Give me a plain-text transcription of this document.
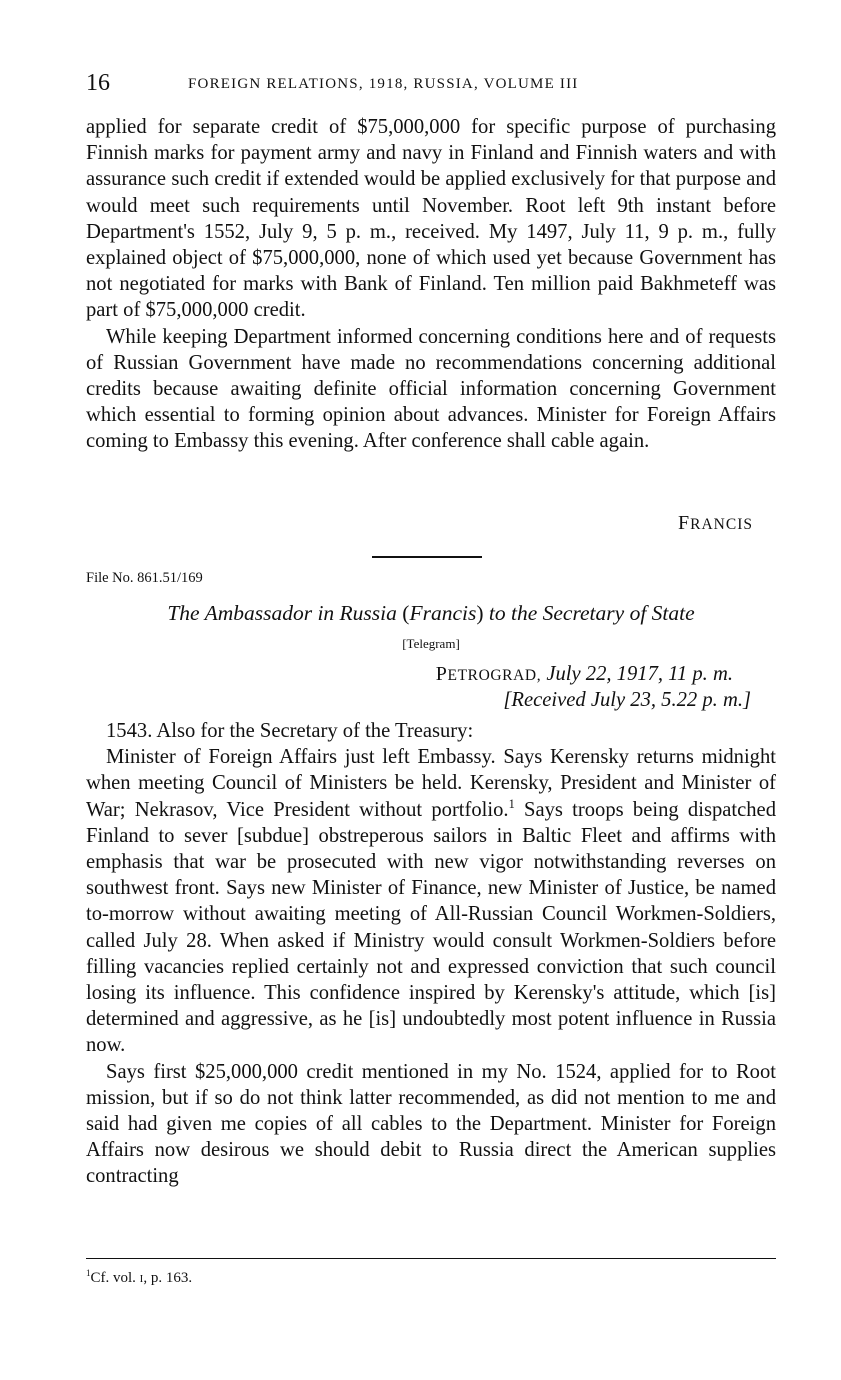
16	FOREIGN RELATIONS, 1918, RUSSIA, VOLUME III

applied for separate credit of $75,000,000 for specific purpose of purchasing Finnish marks for payment army and navy in Finland and Finnish waters and with assurance such credit if extended would be applied exclusively for that purpose and would meet such requirements until November. Root left 9th instant before Department's 1552, July 9, 5 p. m., received. My 1497, July 11, 9 p. m., fully explained object of $75,000,000, none of which used yet because Government has not negotiated for marks with Bank of Finland. Ten million paid Bakhmeteff was part of $75,000,000 credit.

While keeping Department informed concerning conditions here and of requests of Russian Government have made no recommendations concerning additional credits because awaiting definite official information concerning Government which essential to forming opinion about advances. Minister for Foreign Affairs coming to Embassy this evening. After conference shall cable again.

FRANCIS
File No. 861.51/169
The Ambassador in Russia (Francis) to the Secretary of State
[Telegram]
PETROGRAD, July 22, 1917, 11 p. m.
[Received July 23, 5.22 p. m.]

1543. Also for the Secretary of the Treasury:

Minister of Foreign Affairs just left Embassy. Says Kerensky returns midnight when meeting Council of Ministers be held. Kerensky, President and Minister of War; Nekrasov, Vice President without portfolio.$^1$ Says troops being dispatched Finland to sever [subdue] obstreperous sailors in Baltic Fleet and affirms with emphasis that war be prosecuted with new vigor notwithstanding reverses on southwest front. Says new Minister of Finance, new Minister of Justice, be named to-morrow without awaiting meeting of All-Russian Council Workmen-Soldiers, called July 28. When asked if Ministry would consult Workmen-Soldiers before filling vacancies replied certainly not and expressed conviction that such council losing its influence. This confidence inspired by Kerensky's attitude, which [is] determined and aggressive, as he [is] undoubtedly most potent influence in Russia now.

Says first $25,000,000 credit mentioned in my No. 1524, applied for to Root mission, but if so do not think latter recommended, as did not mention to me and said had given me copies of all cables to the Department. Minister for Foreign Affairs now desirous we should debit to Russia direct the American supplies contracting

$^1$Cf. vol. i, p. 163.
